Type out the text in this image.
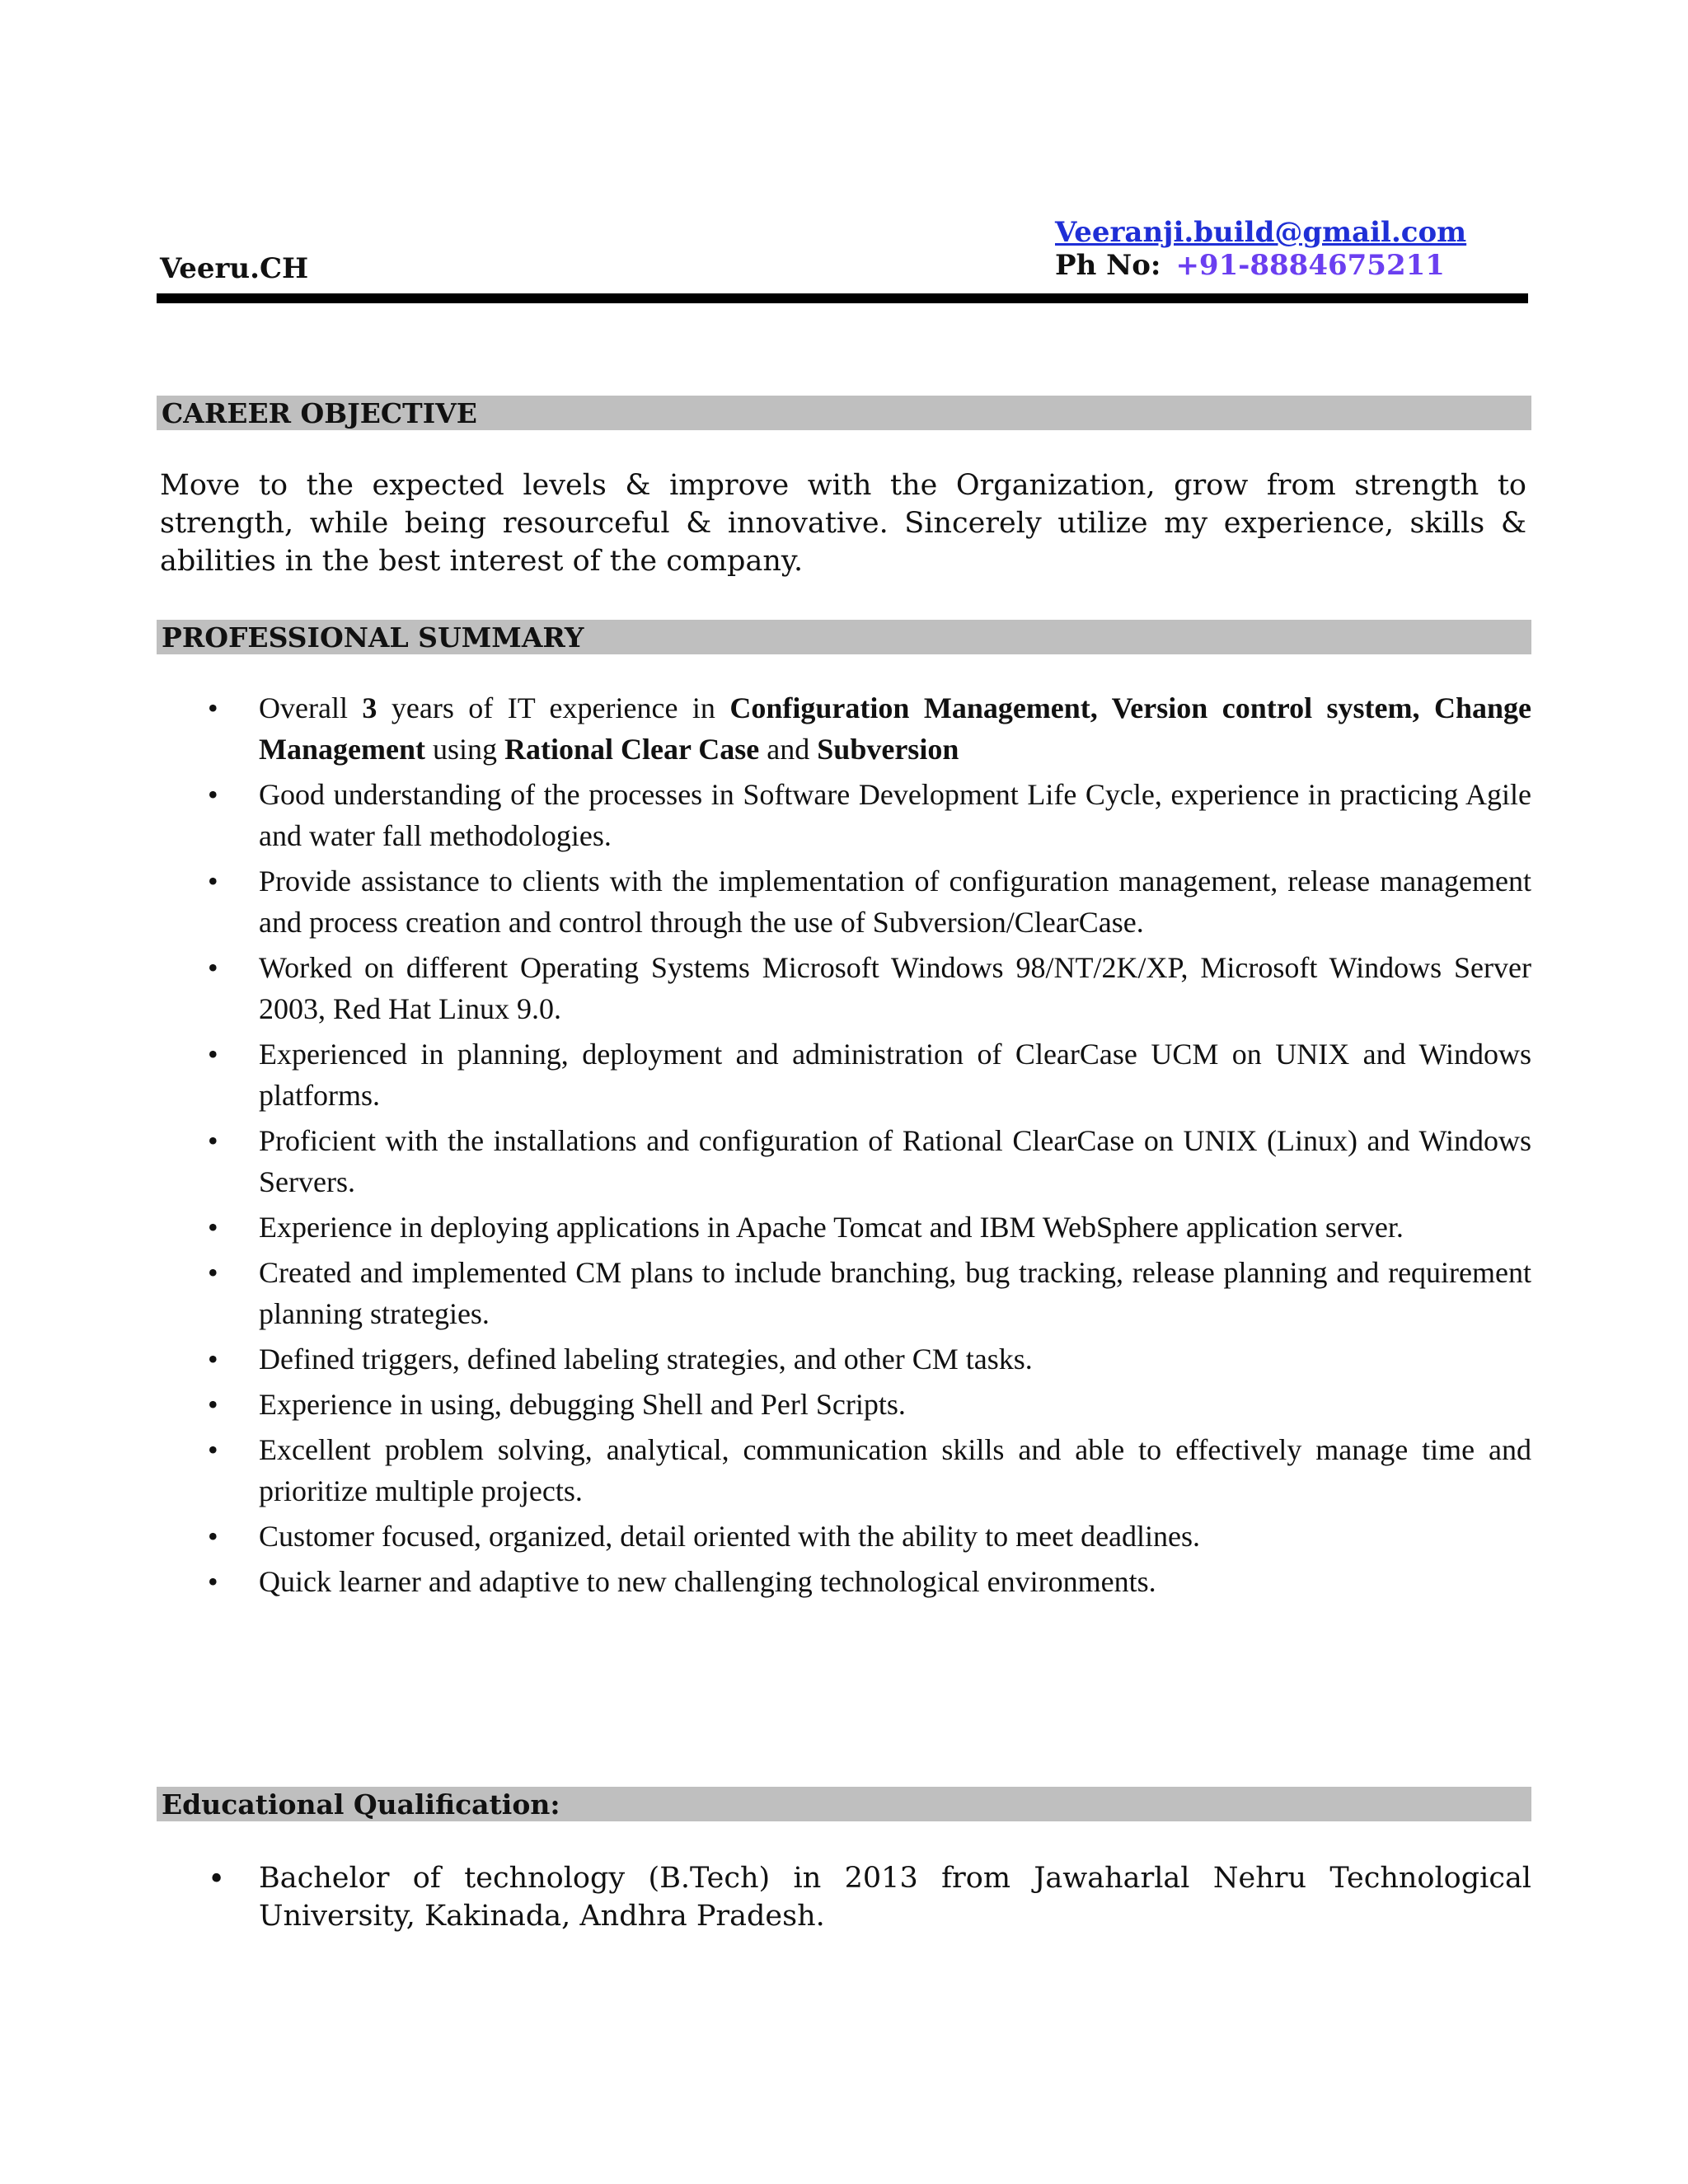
Veeranji.build@gmail.com
Ph No: +91-8884675211
Veeru.CH
CAREER OBJECTIVE
Move to the expected levels & improve with the Organization, grow from strength to strength, while being resourceful & innovative. Sincerely utilize my experience, skills & abilities in the best interest of the company.
PROFESSIONAL SUMMARY
• Overall 3 years of IT experience in Configuration Management, Version control system, Change Management using Rational Clear Case and Subversion
• Good understanding of the processes in Software Development Life Cycle, experience in practicing Agile and water fall methodologies.
• Provide assistance to clients with the implementation of configuration management, release management and process creation and control through the use of Subversion/ClearCase.
• Worked on different Operating Systems Microsoft Windows 98/NT/2K/XP, Microsoft Windows Server 2003, Red Hat Linux 9.0.
• Experienced in planning, deployment and administration of ClearCase UCM on UNIX and Windows platforms.
• Proficient with the installations and configuration of Rational ClearCase on UNIX (Linux) and Windows Servers.
• Experience in deploying applications in Apache Tomcat and IBM WebSphere application server.
• Created and implemented CM plans to include branching, bug tracking, release planning and requirement planning strategies.
• Defined triggers, defined labeling strategies, and other CM tasks.
• Experience in using, debugging Shell and Perl Scripts.
• Excellent problem solving, analytical, communication skills and able to effectively manage time and prioritize multiple projects.
• Customer focused, organized, detail oriented with the ability to meet deadlines.
• Quick learner and adaptive to new challenging technological environments.
Educational Qualification:
• Bachelor of technology (B.Tech) in 2013 from Jawaharlal Nehru Technological University, Kakinada, Andhra Pradesh.
